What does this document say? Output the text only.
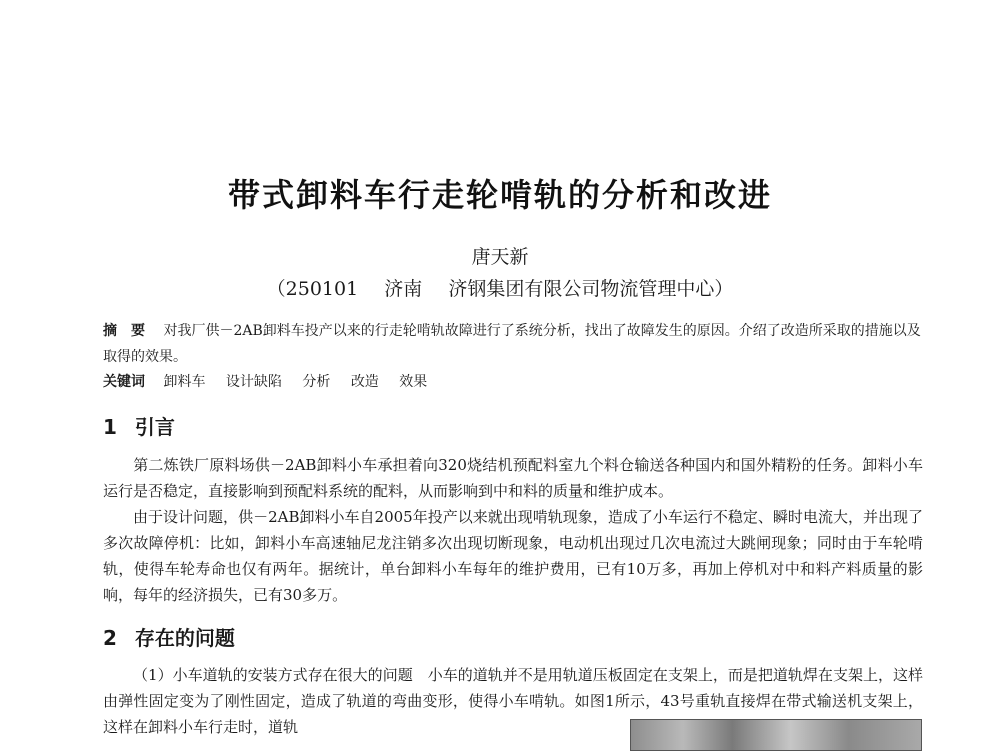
带式卸料车行走轮啃轨的分析和改进
唐天新
（250101 济南 济钢集团有限公司物流管理中心）
摘　要　 对我厂供－2AB卸料车投产以来的行走轮啃轨故障进行了系统分析，找出了故障发生的原因。介绍了改造所采取的措施以及取得的效果。
关键词 卸料车 设计缺陷 分析 改造 效果
1 引言
第二炼铁厂原料场供－2AB卸料小车承担着向320烧结机预配料室九个料仓输送各种国内和国外精粉的任务。卸料小车运行是否稳定，直接影响到预配料系统的配料，从而影响到中和料的质量和维护成本。
由于设计问题，供－2AB卸料小车自2005年投产以来就出现啃轨现象，造成了小车运行不稳定、瞬时电流大，并出现了多次故障停机：比如，卸料小车高速轴尼龙注销多次出现切断现象，电动机出现过几次电流过大跳闸现象；同时由于车轮啃轨，使得车轮寿命也仅有两年。据统计，单台卸料小车每年的维护费用，已有10万多，再加上停机对中和料产料质量的影响，每年的经济损失，已有30多万。
2 存在的问题
（1）小车道轨的安装方式存在很大的问题　小车的道轨并不是用轨道压板固定在支架上，而是把道轨焊在支架上，这样由弹性固定变为了刚性固定，造成了轨道的弯曲变形，使得小车啃轨。如图1所示，43号重轨直接焊在带式输送机支架上，这样在卸料小车行走时，道轨
